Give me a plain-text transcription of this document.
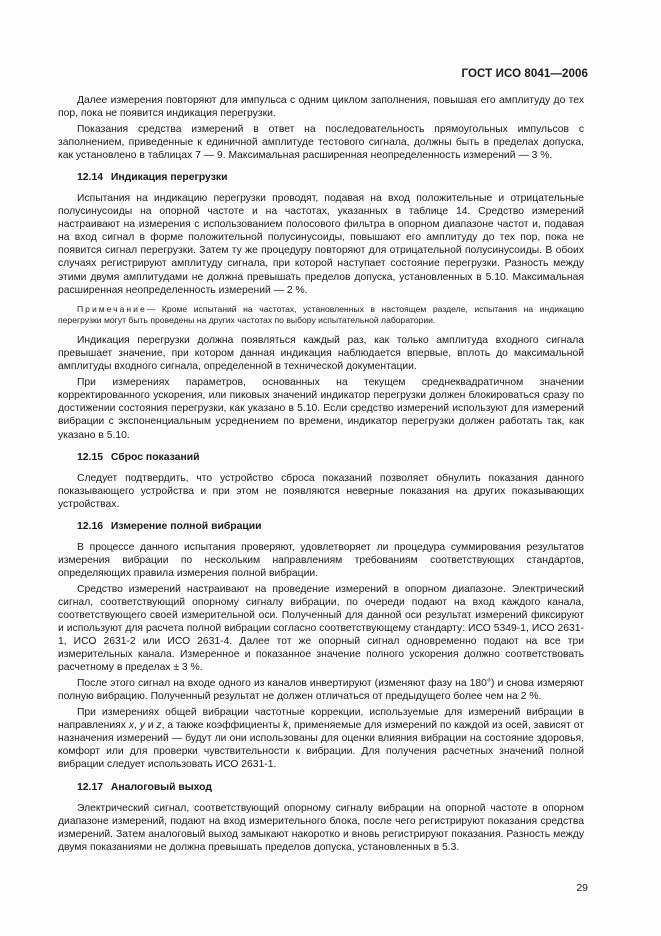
ГОСТ ИСО 8041—2006

Далее измерения повторяют для импульса с одним циклом заполнения, повышая его амплитуду до тех пор, пока не появится индикация перегрузки.

Показания средства измерений в ответ на последовательность прямоугольных импульсов с заполнением, приведенные к единичной амплитуде тестового сигнала, должны быть в пределах допуска, как установлено в таблицах 7 — 9. Максимальная расширенная неопределенность измерений — 3 %.

12.14 Индикация перегрузки

Испытания на индикацию перегрузки проводят, подавая на вход положительные и отрицательные полусинусоиды на опорной частоте и на частотах, указанных в таблице 14. Средство измерений настраивают на измерения с использованием полосового фильтра в опорном диапазоне частот и, подавая на вход сигнал в форме положительной полусинусоиды, повышают его амплитуду до тех пор, пока не появится сигнал перегрузки. Затем ту же процедуру повторяют для отрицательной полусинусоиды. В обоих случаях регистрируют амплитуду сигнала, при которой наступает состояние перегрузки. Разность между этими двумя амплитудами не должна превышать пределов допуска, установленных в 5.10. Максимальная расширенная неопределенность измерений — 2 %.

Примечание— Кроме испытаний на частотах, установленных в настоящем разделе, испытания на индикацию перегрузки могут быть проведены на других частотах по выбору испытательной лаборатории.

Индикация перегрузки должна появляться каждый раз, как только амплитуда входного сигнала превышает значение, при котором данная индикация наблюдается впервые, вплоть до максимальной амплитуды входного сигнала, определенной в технической документации.

При измерениях параметров, основанных на текущем среднеквадратичном значении корректированного ускорения, или пиковых значений индикатор перегрузки должен блокироваться сразу по достижении состояния перегрузки, как указано в 5.10. Если средство измерений используют для измерений вибрации с экспоненциальным усреднением по времени, индикатор перегрузки должен работать так, как указано в 5.10.

12.15 Сброс показаний

Следует подтвердить, что устройство сброса показаний позволяет обнулить показания данного показывающего устройства и при этом не появляются неверные показания на других показывающих устройствах.

12.16 Измерение полной вибрации

В процессе данного испытания проверяют, удовлетворяет ли процедура суммирования результатов измерения вибрации по нескольким направлениям требованиям соответствующих стандартов, определяющих правила измерения полной вибрации.

Средство измерений настраивают на проведение измерений в опорном диапазоне. Электрический сигнал, соответствующий опорному сигналу вибрации, по очереди подают на вход каждого канала, соответствующего своей измерительной оси. Полученный для данной оси результат измерений фиксируют и используют для расчета полной вибрации согласно соответствующему стандарту: ИСО 5349-1, ИСО 2631-1, ИСО 2631-2 или ИСО 2631-4. Далее тот же опорный сигнал одновременно подают на все три измерительных канала. Измеренное и показанное значение полного ускорения должно соответствовать расчетному в пределах ± 3 %.

После этого сигнал на входе одного из каналов инвертируют (изменяют фазу на 180°) и снова измеряют полную вибрацию. Полученный результат не должен отличаться от предыдущего более чем на 2 %.

При измерениях общей вибрации частотные коррекции, используемые для измерений вибрации в направлениях x, y и z, а также коэффициенты k, применяемые для измерений по каждой из осей, зависят от назначения измерений — будут ли они использованы для оценки влияния вибрации на состояние здоровья, комфорт или для проверки чувствительности к вибрации. Для получения расчетных значений полной вибрации следует использовать ИСО 2631-1.

12.17 Аналоговый выход

Электрический сигнал, соответствующий опорному сигналу вибрации на опорной частоте в опорном диапазоне измерений, подают на вход измерительного блока, после чего регистрируют показания средства измерений. Затем аналоговый выход замыкают накоротко и вновь регистрируют показания. Разность между двумя показаниями не должна превышать пределов допуска, установленных в 5.3.

29
